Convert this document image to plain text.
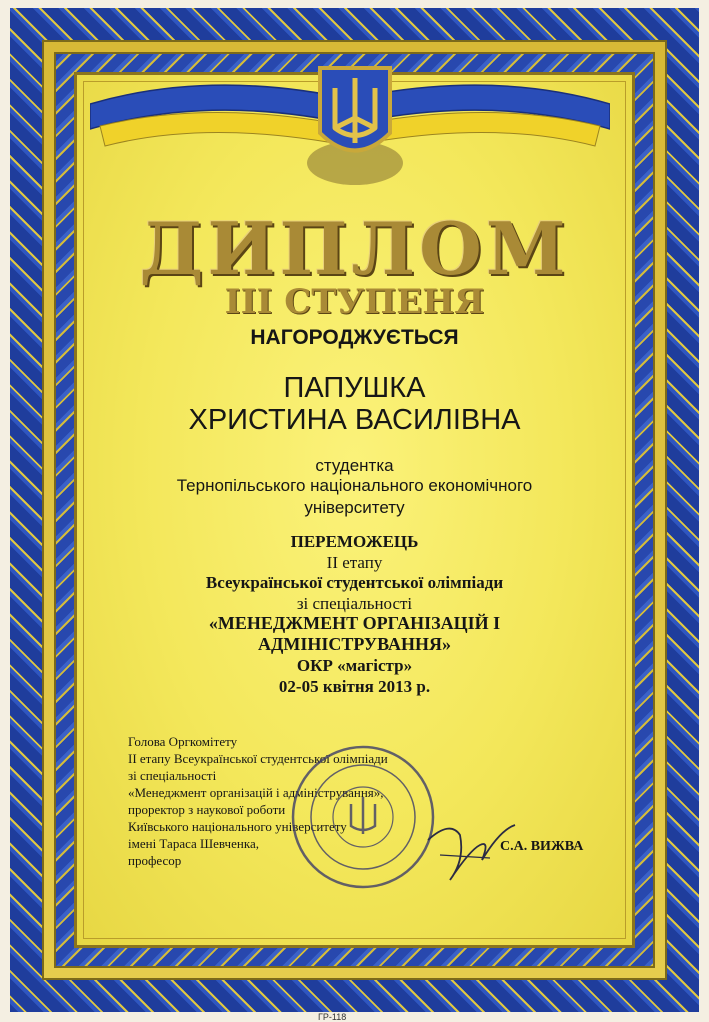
ДИПЛОМ
III СТУПЕНЯ
НАГОРОДЖУЄТЬСЯ
ПАПУШКА
ХРИСТИНА ВАСИЛІВНА
студентка
Тернопільського національного економічного
університету
ПЕРЕМОЖЕЦЬ
II етапу
Всеукраїнської студентської олімпіади
зі спеціальності
«МЕНЕДЖМЕНТ ОРГАНІЗАЦІЙ І
АДМІНІСТРУВАННЯ»
ОКР «магістр»
02-05 квітня 2013 р.
Голова Оргкомітету
II етапу Всеукраїнської студентської олімпіади
зі спеціальності
«Менеджмент організацій і адміністрування»,
проректор з наукової роботи
Київського національного університету
імені Тараса Шевченка,
професор
С.А. ВИЖВА
ГР-118
